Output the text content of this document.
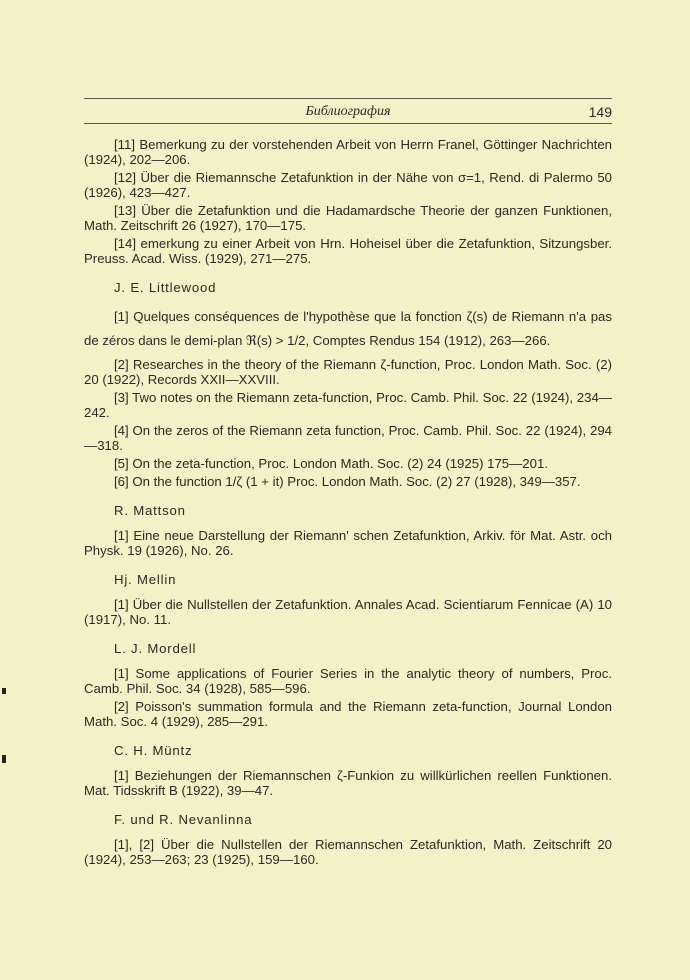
Библиография	149

[11] Bemerkung zu der vorstehenden Arbeit von Herrn Franel, Göttinger Nachrichten (1924), 202—206.

[12] Über die Riemannsche Zetafunktion in der Nähe von σ=1, Rend. di Palermo 50 (1926), 423—427.

[13] Über die Zetafunktion und die Hadamardsche Theorie der ganzen Funktionen, Math. Zeitschrift 26 (1927), 170—175.

[14] emerkung zu einer Arbeit von Hrn. Hoheisel über die Zetafunktion, Sitzungsber. Preuss. Acad. Wiss. (1929), 271—275.

J. E. Littlewood

[1] Quelques conséquences de l'hypothèse que la fonction ζ(s) de Riemann n'a pas de zéros dans le demi-plan ℜ(s) > 1/2, Comptes Rendus 154 (1912), 263—266.

[2] Researches in the theory of the Riemann ζ-function, Proc. London Math. Soc. (2) 20 (1922), Records XXII—XXVIII.

[3] Two notes on the Riemann zeta-function, Proc. Camb. Phil. Soc. 22 (1924), 234—242.

[4] On the zeros of the Riemann zeta function, Proc. Camb. Phil. Soc. 22 (1924), 294—318.

[5] On the zeta-function, Proc. London Math. Soc. (2) 24 (1925) 175—201.

[6] On the function 1/ζ (1 + it) Proc. London Math. Soc. (2) 27 (1928), 349—357.

R. Mattson

[1] Eine neue Darstellung der Riemann' schen Zetafunktion, Arkiv. för Mat. Astr. och Physk. 19 (1926), No. 26.

Hj. Mellin

[1] Über die Nullstellen der Zetafunktion. Annales Acad. Scientiarum Fennicae (A) 10 (1917), No. 11.

L. J. Mordell

[1] Some applications of Fourier Series in the analytic theory of numbers, Proc. Camb. Phil. Soc. 34 (1928), 585—596.

[2] Poisson's summation formula and the Riemann zeta-function, Journal London Math. Soc. 4 (1929), 285—291.

C. H. Müntz

[1] Beziehungen der Riemannschen ζ-Funkion zu willkürlichen reellen Funktionen. Mat. Tidsskrift B (1922), 39—47.

F. und R. Nevanlinna

[1], [2] Über die Nullstellen der Riemannschen Zetafunktion, Math. Zeitschrift 20 (1924), 253—263; 23 (1925), 159—160.
